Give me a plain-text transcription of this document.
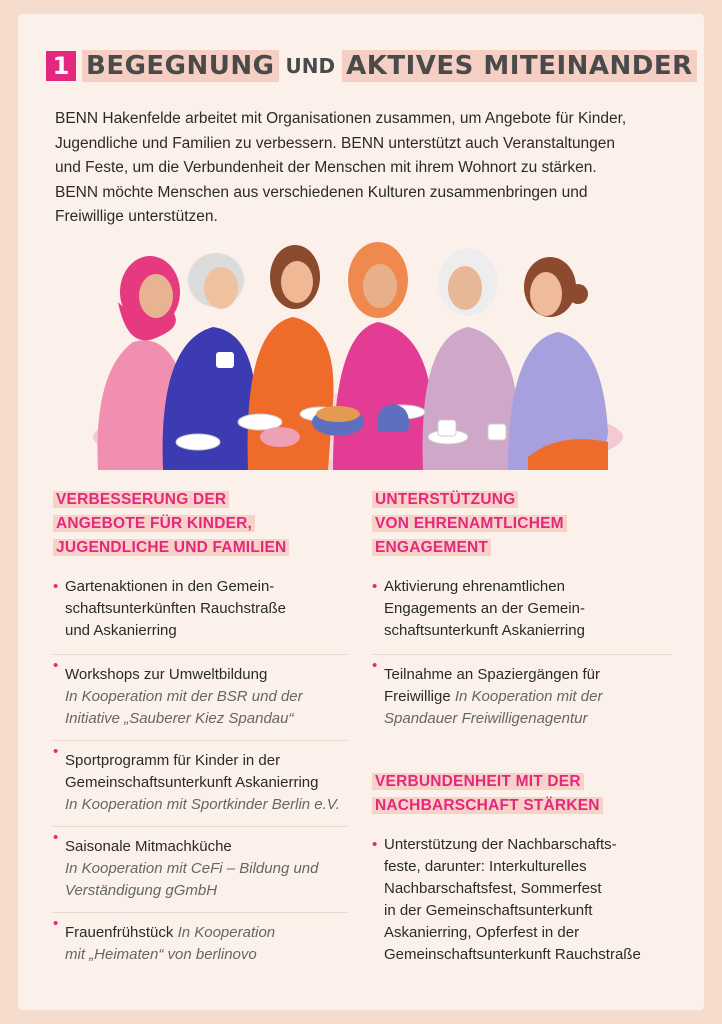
1 BEGEGNUNG UND AKTIVES MITEINANDER

BENN Hakenfelde arbeitet mit Organisationen zusammen, um Angebote für Kinder,

Jugendliche und Familien zu verbessern. BENN unterstützt auch Veranstaltungen

und Feste, um die Verbundenheit der Menschen mit ihrem Wohnort zu stärken.

BENN möchte Menschen aus verschiedenen Kulturen zusammenbringen und

Freiwillige unterstützen.

VERBESSERUNG DER
ANGEBOTE FÜR KINDER,
JUGENDLICHE UND FAMILIEN
• Gartenaktionen in den Gemein-
schaftsunterkünften Rauchstraße
und Askanierring
• Workshops zur Umweltbildung
In Kooperation mit der BSR und der
Initiative „Sauberer Kiez Spandau“
• Sportprogramm für Kinder in der
Gemeinschaftsunterkunft Askanierring
In Kooperation mit Sportkinder Berlin e.V.
• Saisonale Mitmachküche
In Kooperation mit CeFi – Bildung und
Verständigung gGmbH
• Frauenfrühstück In Kooperation
mit „Heimaten“ von berlinovo
UNTERSTÜTZUNG
VON EHRENAMTLICHEM
ENGAGEMENT
• Aktivierung ehrenamtlichen
Engagements an der Gemein-
schaftsunterkunft Askanierring
• Teilnahme an Spaziergängen für
Freiwillige In Kooperation mit der
Spandauer Freiwilligenagentur
VERBUNDENHEIT MIT DER
NACHBARSCHAFT STÄRKEN
• Unterstützung der Nachbarschafts-
feste, darunter: Interkulturelles
Nachbarschaftsfest, Sommerfest
in der Gemeinschaftsunterkunft
Askanierring, Opferfest in der
Gemeinschaftsunterkunft Rauchstraße
